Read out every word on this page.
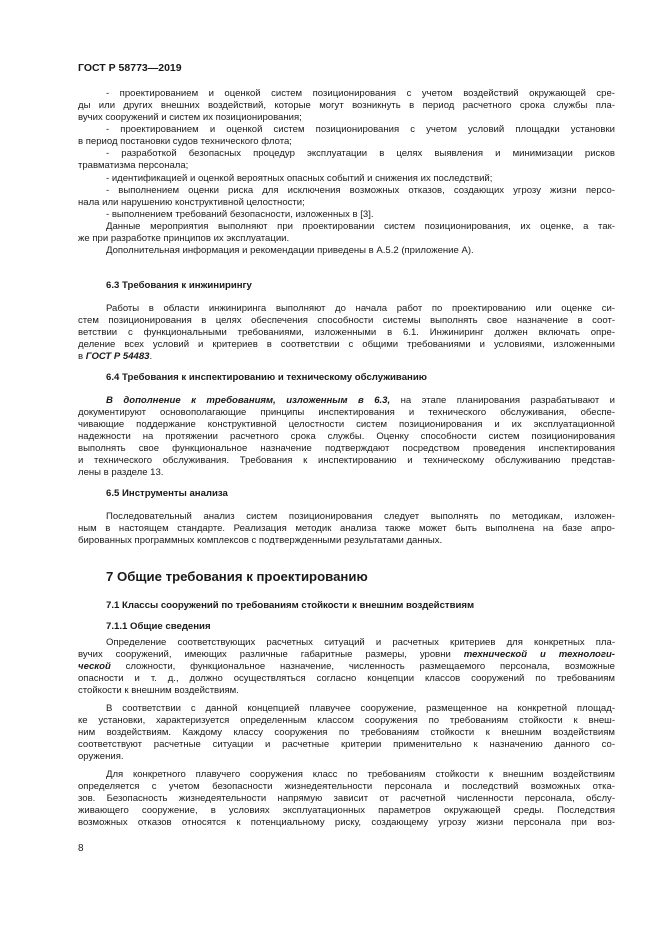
ГОСТ Р 58773—2019
- проектированием и оценкой систем позиционирования с учетом воздействий окружающей сре-
ды или других внешних воздействий, которые могут возникнуть в период расчетного срока службы пла-
вучих сооружений и систем их позиционирования;
- проектированием и оценкой систем позиционирования с учетом условий площадки установки
в период постановки судов технического флота;
- разработкой безопасных процедур эксплуатации в целях выявления и минимизации рисков
травматизма персонала;
- идентификацией и оценкой вероятных опасных событий и снижения их последствий;
- выполнением оценки риска для исключения возможных отказов, создающих угрозу жизни персо-
нала или нарушению конструктивной целостности;
- выполнением требований безопасности, изложенных в [3].
Данные мероприятия выполняют при проектировании систем позиционирования, их оценке, а так-
же при разработке принципов их эксплуатации.
Дополнительная информация и рекомендации приведены в А.5.2 (приложение А).
Работы в области инжиниринга выполняют до начала работ по проектированию или оценке си-
стем позиционирования в целях обеспечения способности системы выполнять свое назначение в соот-
ветствии с функциональными требованиями, изложенными в 6.1. Инжиниринг должен включать опре-
деление всех условий и критериев в соответствии с общими требованиями и условиями, изложенными
в ГОСТ Р 54483.
В дополнение к требованиям, изложенным в 6.3, на этапе планирования разрабатывают и
документируют основополагающие принципы инспектирования и технического обслуживания, обеспе-
чивающие поддержание конструктивной целостности систем позиционирования и их эксплуатационной
надежности на протяжении расчетного срока службы. Оценку способности систем позиционирования
выполнять свое функциональное назначение подтверждают посредством проведения инспектирования
и технического обслуживания. Требования к инспектированию и техническому обслуживанию представ-
лены в разделе 13.
Последовательный анализ систем позиционирования следует выполнять по методикам, изложен-
ным в настоящем стандарте. Реализация методик анализа также может быть выполнена на базе апро-
бированных программных комплексов с подтвержденными результатами данных.
Определение соответствующих расчетных ситуаций и расчетных критериев для конкретных пла-
вучих сооружений, имеющих различные габаритные размеры, уровни технической и технологи-
ческой сложности, функциональное назначение, численность размещаемого персонала, возможные
опасности и т. д., должно осуществляться согласно концепции классов сооружений по требованиям
стойкости к внешним воздействиям.
В соответствии с данной концепцией плавучее сооружение, размещенное на конкретной площад-
ке установки, характеризуется определенным классом сооружения по требованиям стойкости к внеш-
ним воздействиям. Каждому классу сооружения по требованиям стойкости к внешним воздействиям
соответствуют расчетные ситуации и расчетные критерии применительно к назначению данного со-
оружения.
Для конкретного плавучего сооружения класс по требованиям стойкости к внешним воздействиям
определяется с учетом безопасности жизнедеятельности персонала и последствий возможных отка-
зов. Безопасность жизнедеятельности напрямую зависит от расчетной численности персонала, обслу-
живающего сооружение, в условиях эксплуатационных параметров окружающей среды. Последствия
возможных отказов относятся к потенциальному риску, создающему угрозу жизни персонала при воз-
6.3 Требования к инжинирингу
6.4 Требования к инспектированию и техническому обслуживанию
6.5 Инструменты анализа
7 Общие требования к проектированию
7.1 Классы сооружений по требованиям стойкости к внешним воздействиям
7.1.1 Общие сведения
8
